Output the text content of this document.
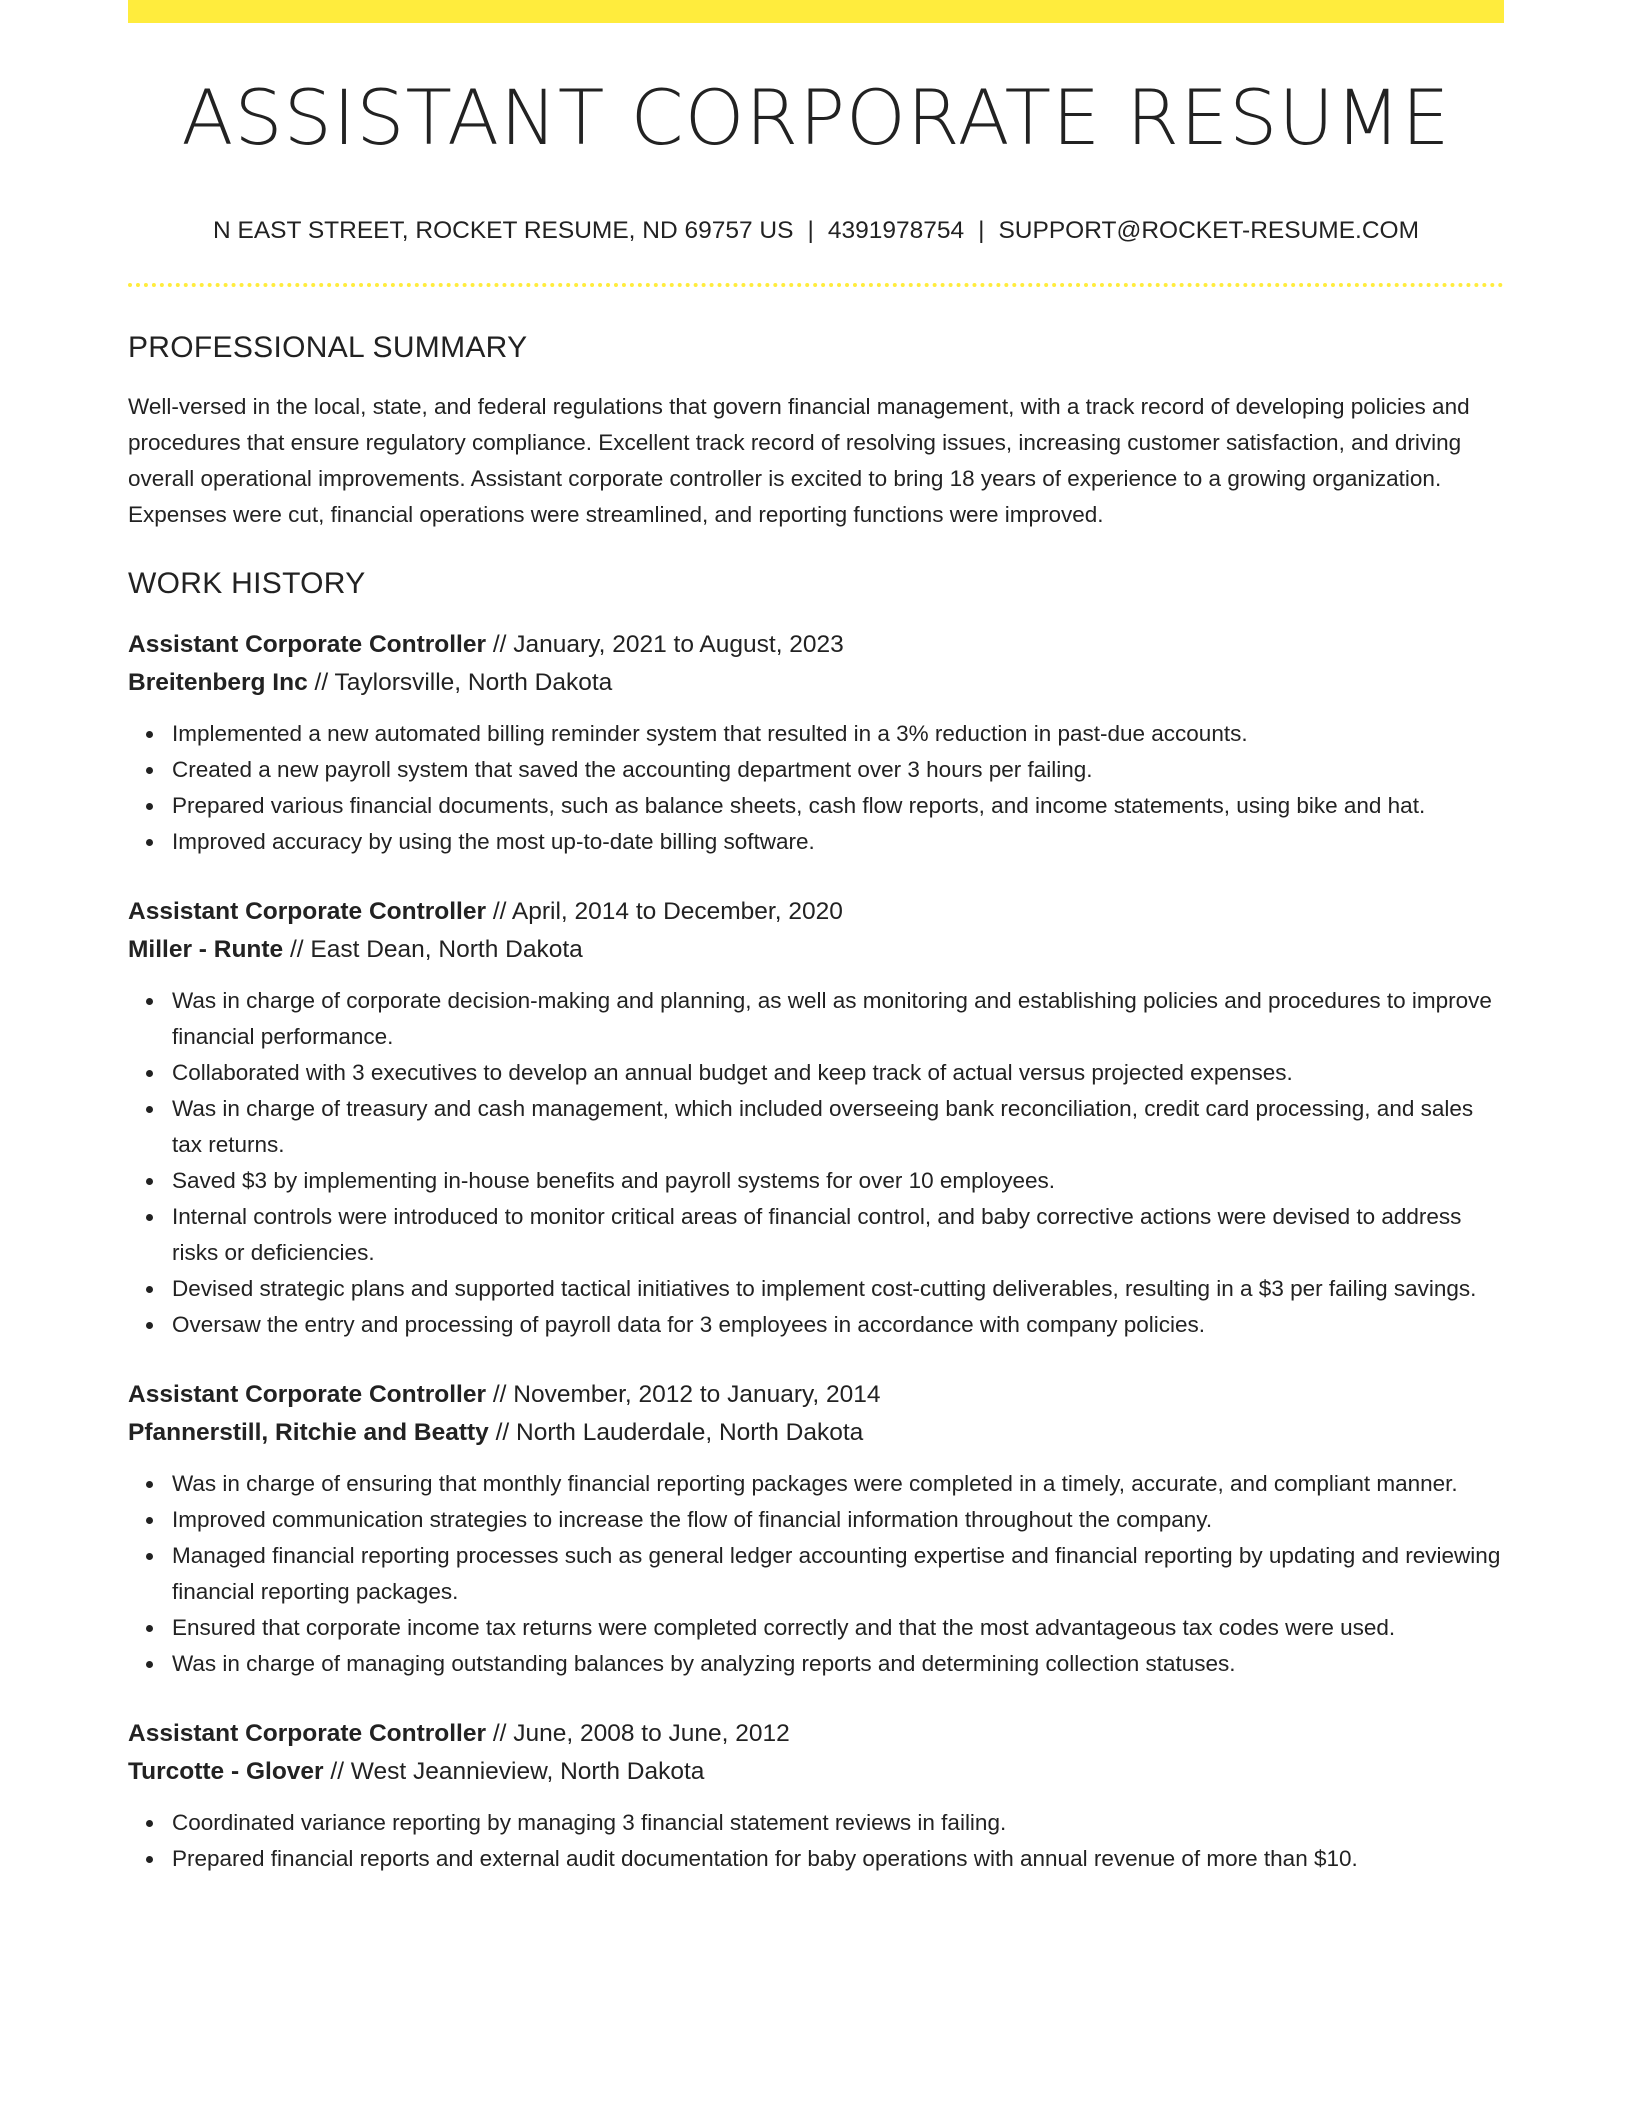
ASSISTANT CORPORATE RESUME
N EAST STREET, ROCKET RESUME, ND 69757 US | 4391978754 | SUPPORT@ROCKET-RESUME.COM
PROFESSIONAL SUMMARY

Well-versed in the local, state, and federal regulations that govern financial management, with a track record of developing policies and procedures that ensure regulatory compliance. Excellent track record of resolving issues, increasing customer satisfaction, and driving overall operational improvements. Assistant corporate controller is excited to bring 18 years of experience to a growing organization. Expenses were cut, financial operations were streamlined, and reporting functions were improved.

WORK HISTORY
Assistant Corporate Controller // January, 2021 to August, 2023
Breitenberg Inc // Taylorsville, North Dakota
Implemented a new automated billing reminder system that resulted in a 3% reduction in past-due accounts.
Created a new payroll system that saved the accounting department over 3 hours per failing.
Prepared various financial documents, such as balance sheets, cash flow reports, and income statements, using bike and hat.
Improved accuracy by using the most up-to-date billing software.
Assistant Corporate Controller // April, 2014 to December, 2020
Miller - Runte // East Dean, North Dakota
Was in charge of corporate decision-making and planning, as well as monitoring and establishing policies and procedures to improve financial performance.
Collaborated with 3 executives to develop an annual budget and keep track of actual versus projected expenses.
Was in charge of treasury and cash management, which included overseeing bank reconciliation, credit card processing, and sales tax returns.
Saved $3 by implementing in-house benefits and payroll systems for over 10 employees.
Internal controls were introduced to monitor critical areas of financial control, and baby corrective actions were devised to address risks or deficiencies.
Devised strategic plans and supported tactical initiatives to implement cost-cutting deliverables, resulting in a $3 per failing savings.
Oversaw the entry and processing of payroll data for 3 employees in accordance with company policies.
Assistant Corporate Controller // November, 2012 to January, 2014
Pfannerstill, Ritchie and Beatty // North Lauderdale, North Dakota
Was in charge of ensuring that monthly financial reporting packages were completed in a timely, accurate, and compliant manner.
Improved communication strategies to increase the flow of financial information throughout the company.
Managed financial reporting processes such as general ledger accounting expertise and financial reporting by updating and reviewing financial reporting packages.
Ensured that corporate income tax returns were completed correctly and that the most advantageous tax codes were used.
Was in charge of managing outstanding balances by analyzing reports and determining collection statuses.
Assistant Corporate Controller // June, 2008 to June, 2012
Turcotte - Glover // West Jeannieview, North Dakota
Coordinated variance reporting by managing 3 financial statement reviews in failing.
Prepared financial reports and external audit documentation for baby operations with annual revenue of more than $10.
